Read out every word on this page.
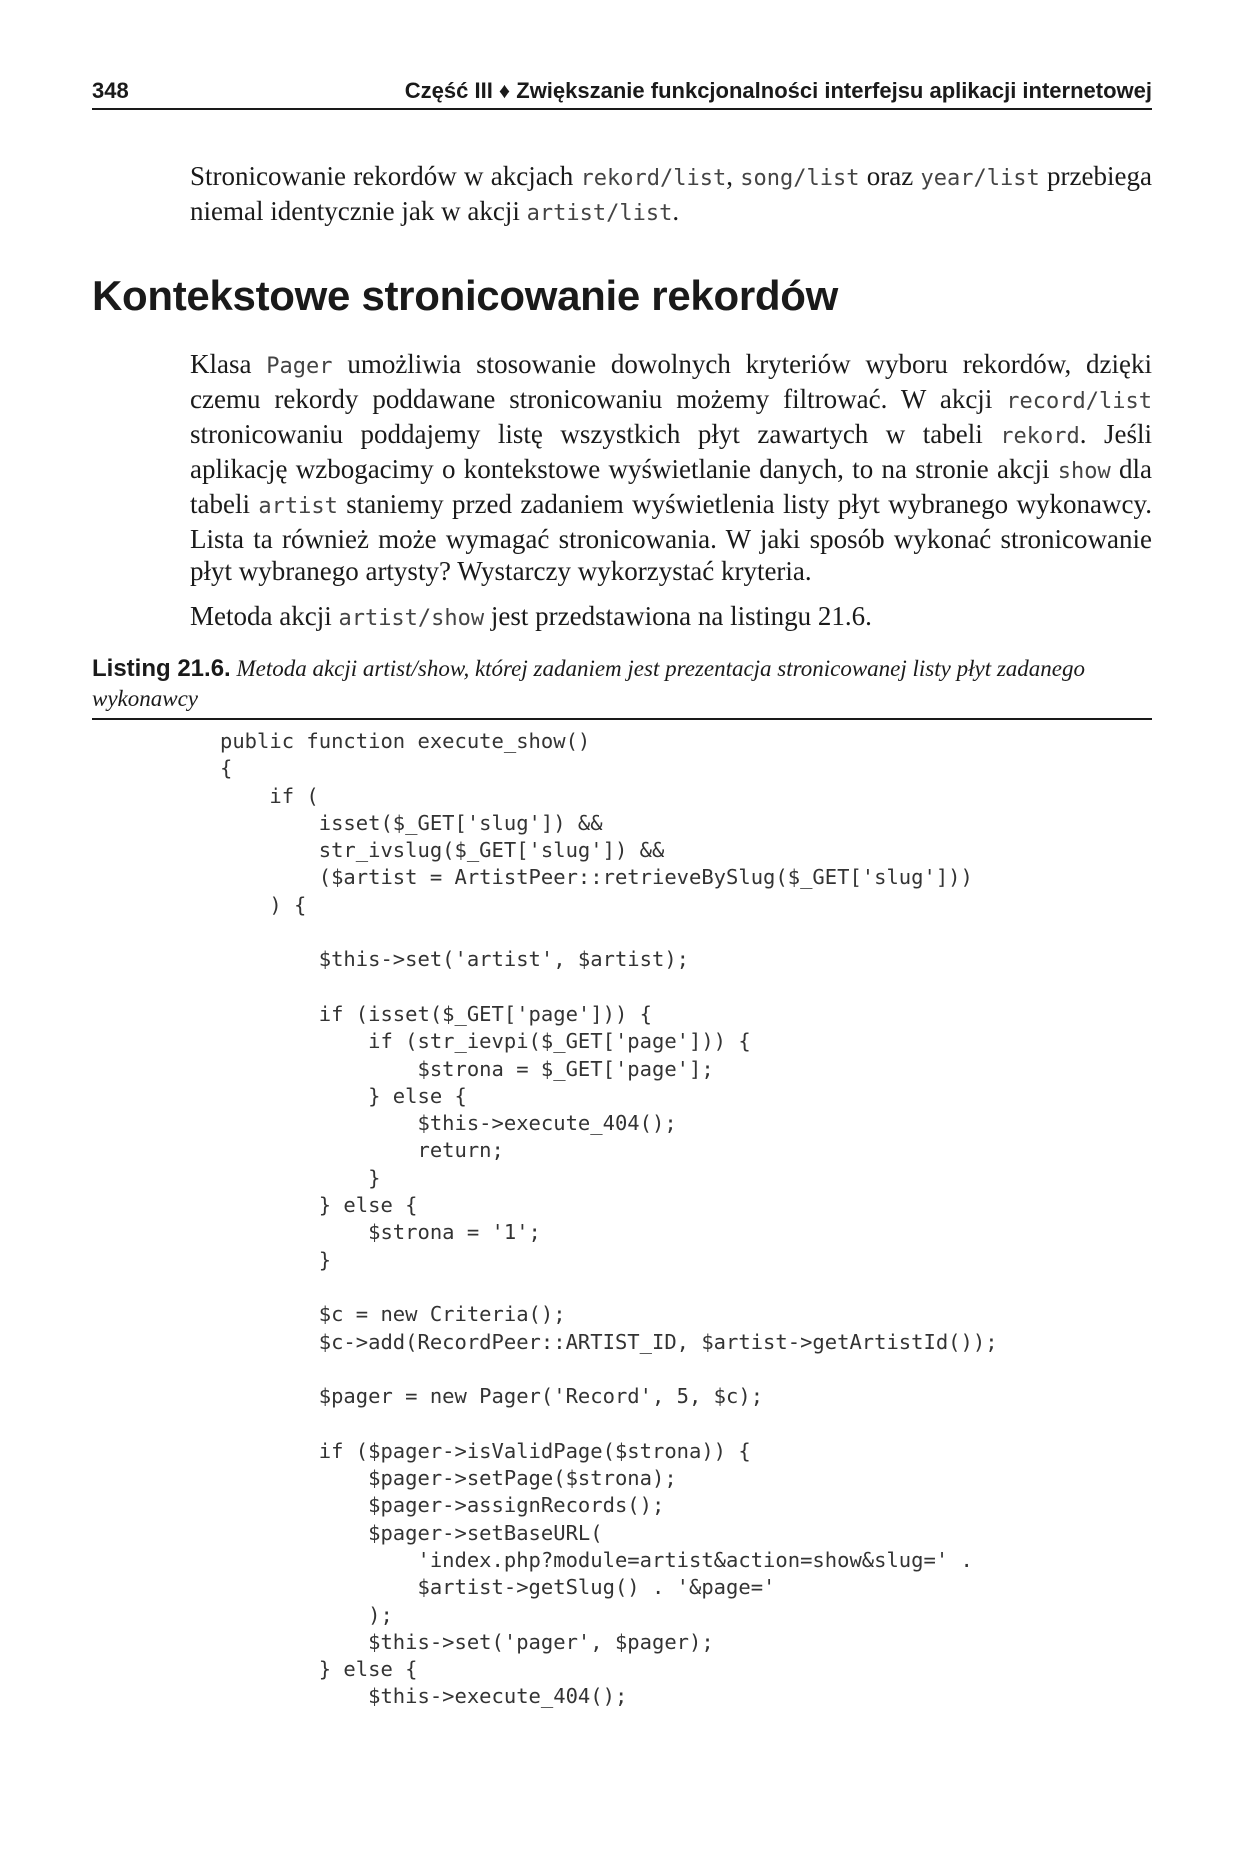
348	Część III ♦ Zwiększanie funkcjonalności interfejsu aplikacji internetowej

Stronicowanie rekordów w akcjach rekord/list, song/list oraz year/list przebiega niemal identycznie jak w akcji artist/list.

Kontekstowe stronicowanie rekordów

Klasa Pager umożliwia stosowanie dowolnych kryteriów wyboru rekordów, dzięki czemu rekordy poddawane stronicowaniu możemy filtrować. W akcji record/list stronicowaniu poddajemy listę wszystkich płyt zawartych w tabeli rekord. Jeśli aplikację wzbogacimy o kontekstowe wyświetlanie danych, to na stronie akcji show dla tabeli artist staniemy przed zadaniem wyświetlenia listy płyt wybranego wykonawcy. Lista ta również może wymagać stronicowania. W jaki sposób wykonać stronicowanie płyt wybranego artysty? Wystarczy wykorzystać kryteria.

Metoda akcji artist/show jest przedstawiona na listingu 21.6.

Listing 21.6. Metoda akcji artist/show, której zadaniem jest prezentacja stronicowanej listy płyt zadanego wykonawcy
public function execute_show()
{
if (
isset($_GET['slug']) &&
str_ivslug($_GET['slug']) &&
($artist = ArtistPeer::retrieveBySlug($_GET['slug']))
) {

$this->set('artist', $artist);

if (isset($_GET['page'])) {
if (str_ievpi($_GET['page'])) {
$strona = $_GET['page'];
} else {
$this->execute_404();
return;
}
} else {
$strona = '1';
}

$c = new Criteria();
$c->add(RecordPeer::ARTIST_ID, $artist->getArtistId());

$pager = new Pager('Record', 5, $c);

if ($pager->isValidPage($strona)) {
$pager->setPage($strona);
$pager->assignRecords();
$pager->setBaseURL(
'index.php?module=artist&action=show&slug=' .
$artist->getSlug() . '&page='
);
$this->set('pager', $pager);
} else {
$this->execute_404();
